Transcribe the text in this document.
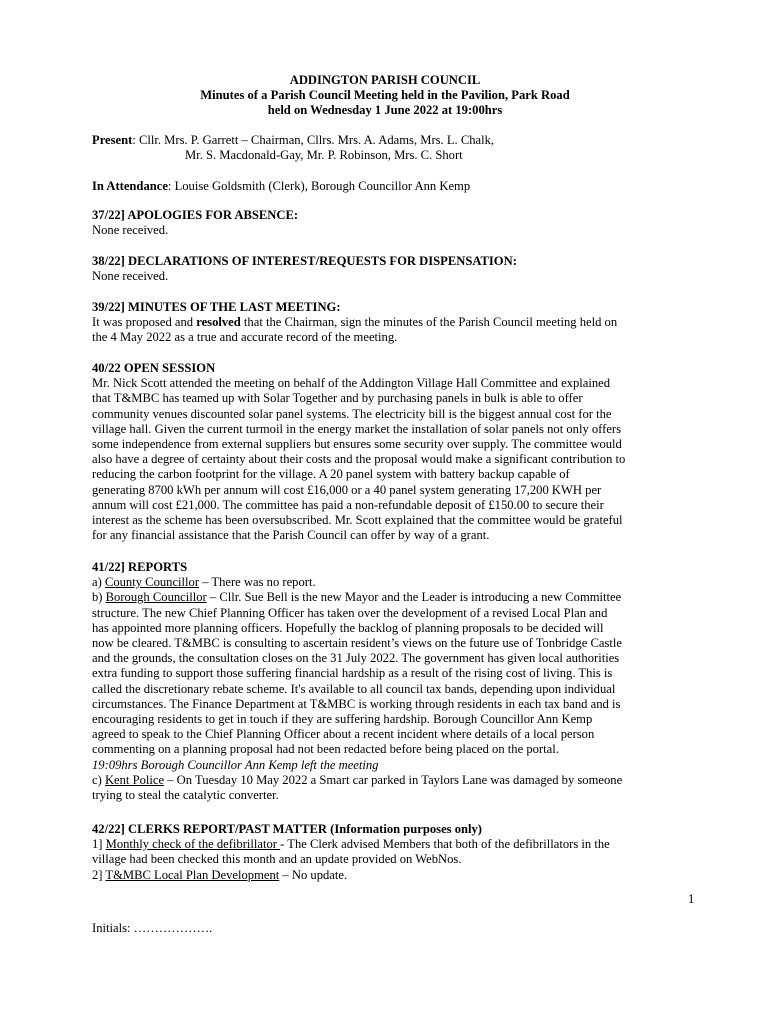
ADDINGTON PARISH COUNCIL

Minutes of a Parish Council Meeting held in the Pavilion, Park Road

held on Wednesday 1 June 2022 at 19:00hrs

Present: Cllr. Mrs. P. Garrett – Chairman, Cllrs. Mrs. A. Adams, Mrs. L. Chalk,

Mr. S. Macdonald-Gay, Mr. P. Robinson, Mrs. C. Short

In Attendance: Louise Goldsmith (Clerk), Borough Councillor Ann Kemp

37/22] APOLOGIES FOR ABSENCE:

None received.

38/22] DECLARATIONS OF INTEREST/REQUESTS FOR DISPENSATION:

None received.

39/22] MINUTES OF THE LAST MEETING:

It was proposed and resolved that the Chairman, sign the minutes of the Parish Council meeting held on

the 4 May 2022 as a true and accurate record of the meeting.

40/22 OPEN SESSION

Mr. Nick Scott attended the meeting on behalf of the Addington Village Hall Committee and explained

that T&MBC has teamed up with Solar Together and by purchasing panels in bulk is able to offer

community venues discounted solar panel systems. The electricity bill is the biggest annual cost for the

village hall. Given the current turmoil in the energy market the installation of solar panels not only offers

some independence from external suppliers but ensures some security over supply. The committee would

also have a degree of certainty about their costs and the proposal would make a significant contribution to

reducing the carbon footprint for the village. A 20 panel system with battery backup capable of

generating 8700 kWh per annum will cost £16,000 or a 40 panel system generating 17,200 KWH per

annum will cost £21,000. The committee has paid a non-refundable deposit of £150.00 to secure their

interest as the scheme has been oversubscribed. Mr. Scott explained that the committee would be grateful

for any financial assistance that the Parish Council can offer by way of a grant.

41/22] REPORTS

a) County Councillor – There was no report.

b) Borough Councillor – Cllr. Sue Bell is the new Mayor and the Leader is introducing a new Committee

structure. The new Chief Planning Officer has taken over the development of a revised Local Plan and

has appointed more planning officers. Hopefully the backlog of planning proposals to be decided will

now be cleared. T&MBC is consulting to ascertain resident’s views on the future use of Tonbridge Castle

and the grounds, the consultation closes on the 31 July 2022. The government has given local authorities

extra funding to support those suffering financial hardship as a result of the rising cost of living. This is

called the discretionary rebate scheme. It's available to all council tax bands, depending upon individual

circumstances. The Finance Department at T&MBC is working through residents in each tax band and is

encouraging residents to get in touch if they are suffering hardship. Borough Councillor Ann Kemp

agreed to speak to the Chief Planning Officer about a recent incident where details of a local person

commenting on a planning proposal had not been redacted before being placed on the portal.

19:09hrs Borough Councillor Ann Kemp left the meeting

c) Kent Police – On Tuesday 10 May 2022 a Smart car parked in Taylors Lane was damaged by someone

trying to steal the catalytic converter.

42/22] CLERKS REPORT/PAST MATTER (Information purposes only)

1] Monthly check of the defibrillator - The Clerk advised Members that both of the defibrillators in the

village had been checked this month and an update provided on WebNos.

2] T&MBC Local Plan Development – No update.

1
Initials: ……………….
